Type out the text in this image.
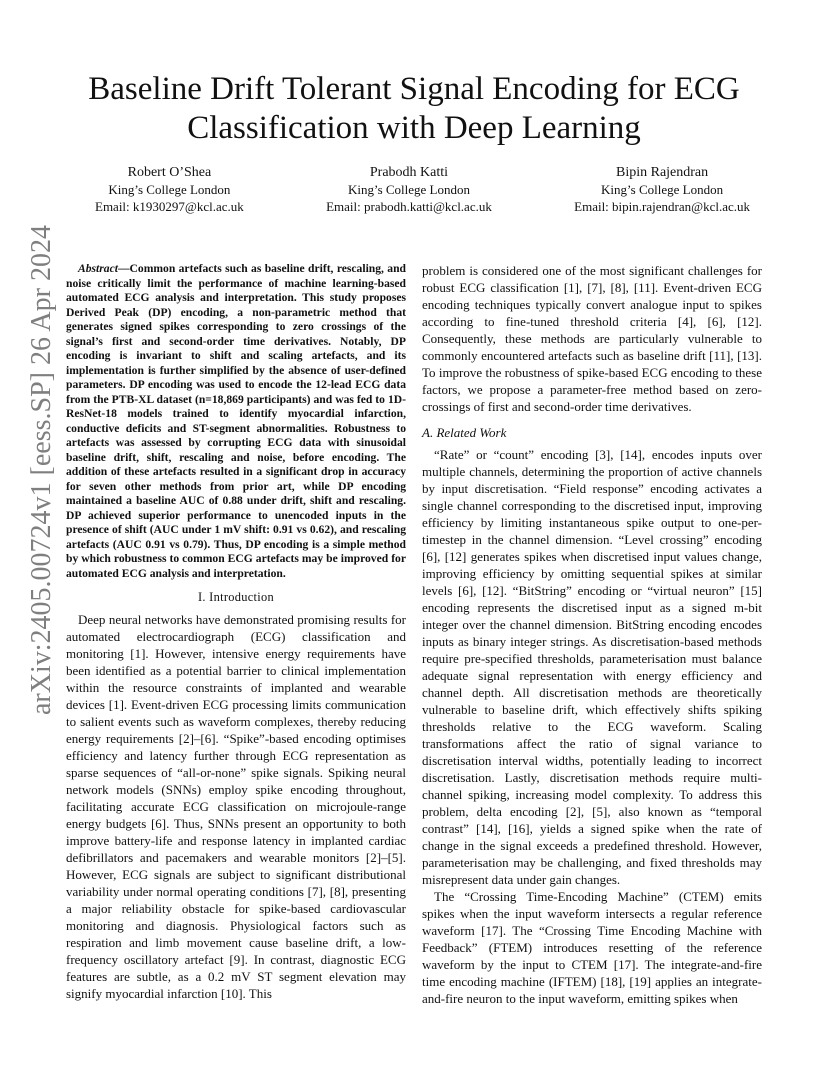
arXiv:2405.00724v1 [eess.SP] 26 Apr 2024
Baseline Drift Tolerant Signal Encoding for ECG Classification with Deep Learning
Robert O’Shea
King’s College London
Email: k1930297@kcl.ac.uk
Prabodh Katti
King’s College London
Email: prabodh.katti@kcl.ac.uk
Bipin Rajendran
King’s College London
Email: bipin.rajendran@kcl.ac.uk

Abstract—Common artefacts such as baseline drift, rescaling, and noise critically limit the performance of machine learning-based automated ECG analysis and interpretation. This study proposes Derived Peak (DP) encoding, a non-parametric method that generates signed spikes corresponding to zero crossings of the signal’s first and second-order time derivatives. Notably, DP encoding is invariant to shift and scaling artefacts, and its implementation is further simplified by the absence of user-defined parameters. DP encoding was used to encode the 12-lead ECG data from the PTB-XL dataset (n=18,869 participants) and was fed to 1D-ResNet-18 models trained to identify myocardial infarction, conductive deficits and ST-segment abnormalities. Robustness to artefacts was assessed by corrupting ECG data with sinusoidal baseline drift, shift, rescaling and noise, before encoding. The addition of these artefacts resulted in a significant drop in accuracy for seven other methods from prior art, while DP encoding maintained a baseline AUC of 0.88 under drift, shift and rescaling. DP achieved superior performance to unencoded inputs in the presence of shift (AUC under 1 mV shift: 0.91 vs 0.62), and rescaling artefacts (AUC 0.91 vs 0.79). Thus, DP encoding is a simple method by which robustness to common ECG artefacts may be improved for automated ECG analysis and interpretation.

I. Introduction

Deep neural networks have demonstrated promising results for automated electrocardiograph (ECG) classification and monitoring [1]. However, intensive energy requirements have been identified as a potential barrier to clinical implementation within the resource constraints of implanted and wearable devices [1]. Event-driven ECG processing limits communication to salient events such as waveform complexes, thereby reducing energy requirements [2]–[6]. “Spike”-based encoding optimises efficiency and latency further through ECG representation as sparse sequences of “all-or-none” spike signals. Spiking neural network models (SNNs) employ spike encoding throughout, facilitating accurate ECG classification on microjoule-range energy budgets [6]. Thus, SNNs present an opportunity to both improve battery-life and response latency in implanted cardiac defibrillators and pacemakers and wearable monitors [2]–[5]. However, ECG signals are subject to significant distributional variability under normal operating conditions [7], [8], presenting a major reliability obstacle for spike-based cardiovascular monitoring and diagnosis. Physiological factors such as respiration and limb movement cause baseline drift, a low-frequency oscillatory artefact [9]. In contrast, diagnostic ECG features are subtle, as a 0.2 mV ST segment elevation may signify myocardial infarction [10]. This

problem is considered one of the most significant challenges for robust ECG classification [1], [7], [8], [11]. Event-driven ECG encoding techniques typically convert analogue input to spikes according to fine-tuned threshold criteria [4], [6], [12]. Consequently, these methods are particularly vulnerable to commonly encountered artefacts such as baseline drift [11], [13]. To improve the robustness of spike-based ECG encoding to these factors, we propose a parameter-free method based on zero-crossings of first and second-order time derivatives.

A. Related Work

“Rate” or “count” encoding [3], [14], encodes inputs over multiple channels, determining the proportion of active channels by input discretisation. “Field response” encoding activates a single channel corresponding to the discretised input, improving efficiency by limiting instantaneous spike output to one-per-timestep in the channel dimension. “Level crossing” encoding [6], [12] generates spikes when discretised input values change, improving efficiency by omitting sequential spikes at similar levels [6], [12]. “BitString” encoding or “virtual neuron” [15] encoding represents the discretised input as a signed m-bit integer over the channel dimension. BitString encoding encodes inputs as binary integer strings. As discretisation-based methods require pre-specified thresholds, parameterisation must balance adequate signal representation with energy efficiency and channel depth. All discretisation methods are theoretically vulnerable to baseline drift, which effectively shifts spiking thresholds relative to the ECG waveform. Scaling transformations affect the ratio of signal variance to discretisation interval widths, potentially leading to incorrect discretisation. Lastly, discretisation methods require multi-channel spiking, increasing model complexity. To address this problem, delta encoding [2], [5], also known as “temporal contrast” [14], [16], yields a signed spike when the rate of change in the signal exceeds a predefined threshold. However, parameterisation may be challenging, and fixed thresholds may misrepresent data under gain changes.

The “Crossing Time-Encoding Machine” (CTEM) emits spikes when the input waveform intersects a regular reference waveform [17]. The “Crossing Time Encoding Machine with Feedback” (FTEM) introduces resetting of the reference waveform by the input to CTEM [17]. The integrate-and-fire time encoding machine (IFTEM) [18], [19] applies an integrate-and-fire neuron to the input waveform, emitting spikes when
